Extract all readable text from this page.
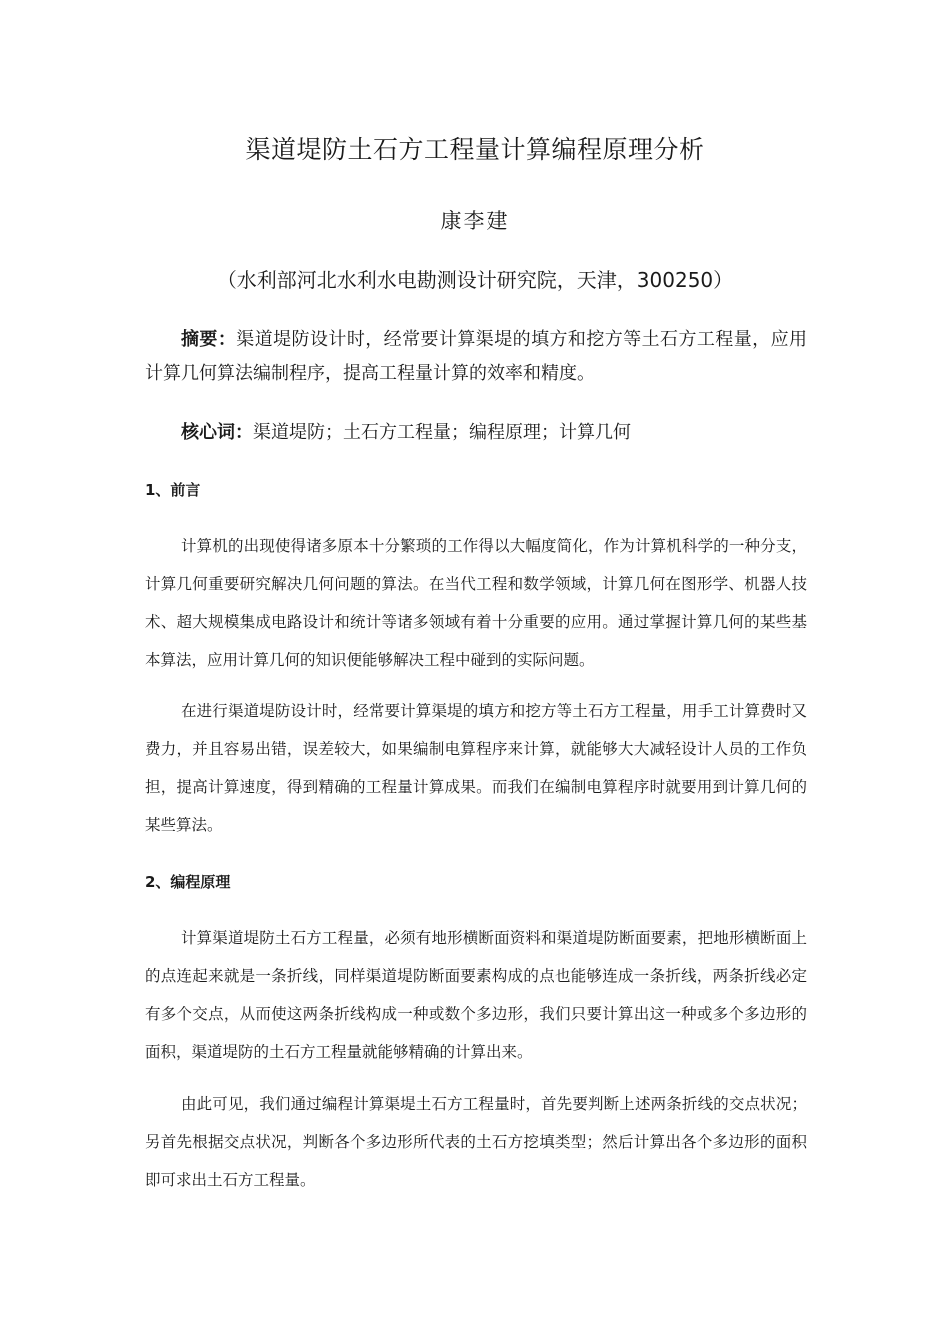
渠道堤防土石方工程量计算编程原理分析

康李建

（水利部河北水利水电勘测设计研究院，天津，300250）

摘要：渠道堤防设计时，经常要计算渠堤的填方和挖方等土石方工程量，应用计算几何算法编制程序，提高工程量计算的效率和精度。

核心词：渠道堤防；土石方工程量；编程原理；计算几何

1、前言

计算机的出现使得诸多原本十分繁琐的工作得以大幅度简化，作为计算机科学的一种分支，计算几何重要研究解决几何问题的算法。在当代工程和数学领域，计算几何在图形学、机器人技术、超大规模集成电路设计和统计等诸多领域有着十分重要的应用。通过掌握计算几何的某些基本算法，应用计算几何的知识便能够解决工程中碰到的实际问题。

在进行渠道堤防设计时，经常要计算渠堤的填方和挖方等土石方工程量，用手工计算费时又费力，并且容易出错，误差较大，如果编制电算程序来计算，就能够大大减轻设计人员的工作负担，提高计算速度，得到精确的工程量计算成果。而我们在编制电算程序时就要用到计算几何的某些算法。

2、编程原理

计算渠道堤防土石方工程量，必须有地形横断面资料和渠道堤防断面要素，把地形横断面上的点连起来就是一条折线，同样渠道堤防断面要素构成的点也能够连成一条折线，两条折线必定有多个交点，从而使这两条折线构成一种或数个多边形，我们只要计算出这一种或多个多边形的面积，渠道堤防的土石方工程量就能够精确的计算出来。

由此可见，我们通过编程计算渠堤土石方工程量时，首先要判断上述两条折线的交点状况；另首先根据交点状况，判断各个多边形所代表的土石方挖填类型；然后计算出各个多边形的面积即可求出土石方工程量。
